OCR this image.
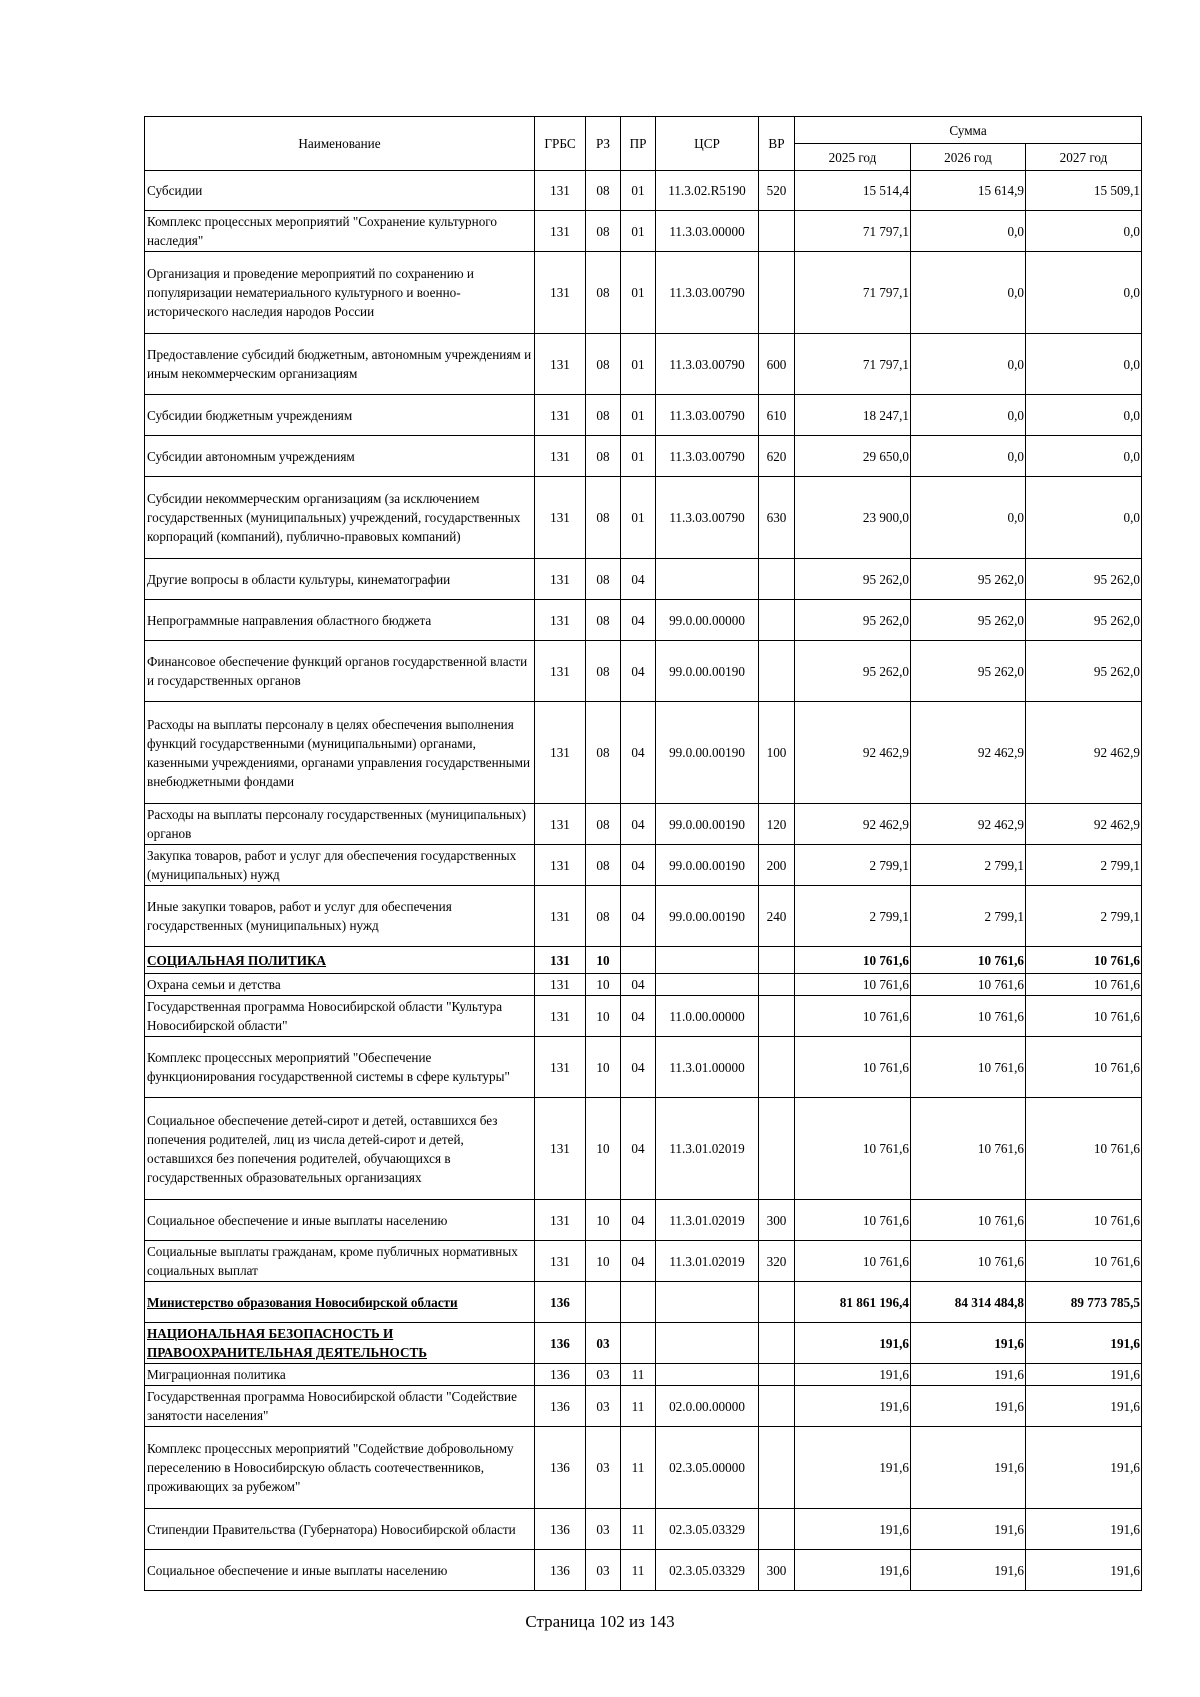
Наименование	ГРБС	РЗ	ПР	ЦСР	ВР	Сумма		
						2025 год	2026 год	2027 год
Субсидии	131	08	01	11.3.02.R5190	520	15 514,4	15 614,9	15 509,1
Комплекс процессных мероприятий "Сохранение культурного наследия"	131	08	01	11.3.03.00000		71 797,1	0,0	0,0
Организация и проведение мероприятий по сохранению и популяризации нематериального культурного и военно-исторического наследия народов России	131	08	01	11.3.03.00790		71 797,1	0,0	0,0
Предоставление субсидий бюджетным, автономным учреждениям и иным некоммерческим организациям	131	08	01	11.3.03.00790	600	71 797,1	0,0	0,0
Субсидии бюджетным учреждениям	131	08	01	11.3.03.00790	610	18 247,1	0,0	0,0
Субсидии автономным учреждениям	131	08	01	11.3.03.00790	620	29 650,0	0,0	0,0
Субсидии некоммерческим организациям (за исключением государственных (муниципальных) учреждений, государственных корпораций (компаний), публично-правовых компаний)	131	08	01	11.3.03.00790	630	23 900,0	0,0	0,0
Другие вопросы в области культуры, кинематографии	131	08	04			95 262,0	95 262,0	95 262,0
Непрограммные направления областного бюджета	131	08	04	99.0.00.00000		95 262,0	95 262,0	95 262,0
Финансовое обеспечение функций органов государственной власти и государственных органов	131	08	04	99.0.00.00190		95 262,0	95 262,0	95 262,0
Расходы на выплаты персоналу в целях обеспечения выполнения функций государственными (муниципальными) органами, казенными учреждениями, органами управления государственными внебюджетными фондами	131	08	04	99.0.00.00190	100	92 462,9	92 462,9	92 462,9
Расходы на выплаты персоналу государственных (муниципальных) органов	131	08	04	99.0.00.00190	120	92 462,9	92 462,9	92 462,9
Закупка товаров, работ и услуг для обеспечения государственных (муниципальных) нужд	131	08	04	99.0.00.00190	200	2 799,1	2 799,1	2 799,1
Иные закупки товаров, работ и услуг для обеспечения государственных (муниципальных) нужд	131	08	04	99.0.00.00190	240	2 799,1	2 799,1	2 799,1
СОЦИАЛЬНАЯ ПОЛИТИКА	131	10				10 761,6	10 761,6	10 761,6
Охрана семьи и детства	131	10	04			10 761,6	10 761,6	10 761,6
Государственная программа Новосибирской области "Культура Новосибирской области"	131	10	04	11.0.00.00000		10 761,6	10 761,6	10 761,6
Комплекс процессных мероприятий "Обеспечение функционирования государственной системы в сфере культуры"	131	10	04	11.3.01.00000		10 761,6	10 761,6	10 761,6
Социальное обеспечение детей-сирот и детей, оставшихся без попечения родителей, лиц из числа детей-сирот и детей, оставшихся без попечения родителей, обучающихся в государственных образовательных организациях	131	10	04	11.3.01.02019		10 761,6	10 761,6	10 761,6
Социальное обеспечение и иные выплаты населению	131	10	04	11.3.01.02019	300	10 761,6	10 761,6	10 761,6
Социальные выплаты гражданам, кроме публичных нормативных социальных выплат	131	10	04	11.3.01.02019	320	10 761,6	10 761,6	10 761,6
Министерство образования Новосибирской области	136					81 861 196,4	84 314 484,8	89 773 785,5
НАЦИОНАЛЬНАЯ БЕЗОПАСНОСТЬ И ПРАВООХРАНИТЕЛЬНАЯ ДЕЯТЕЛЬНОСТЬ	136	03				191,6	191,6	191,6
Миграционная политика	136	03	11			191,6	191,6	191,6
Государственная программа Новосибирской области "Содействие занятости населения"	136	03	11	02.0.00.00000		191,6	191,6	191,6
Комплекс процессных мероприятий "Содействие добровольному переселению в Новосибирскую область соотечественников, проживающих за рубежом"	136	03	11	02.3.05.00000		191,6	191,6	191,6
Стипендии Правительства (Губернатора) Новосибирской области	136	03	11	02.3.05.03329		191,6	191,6	191,6
Социальное обеспечение и иные выплаты населению	136	03	11	02.3.05.03329	300	191,6	191,6	191,6
Страница 102 из 143
